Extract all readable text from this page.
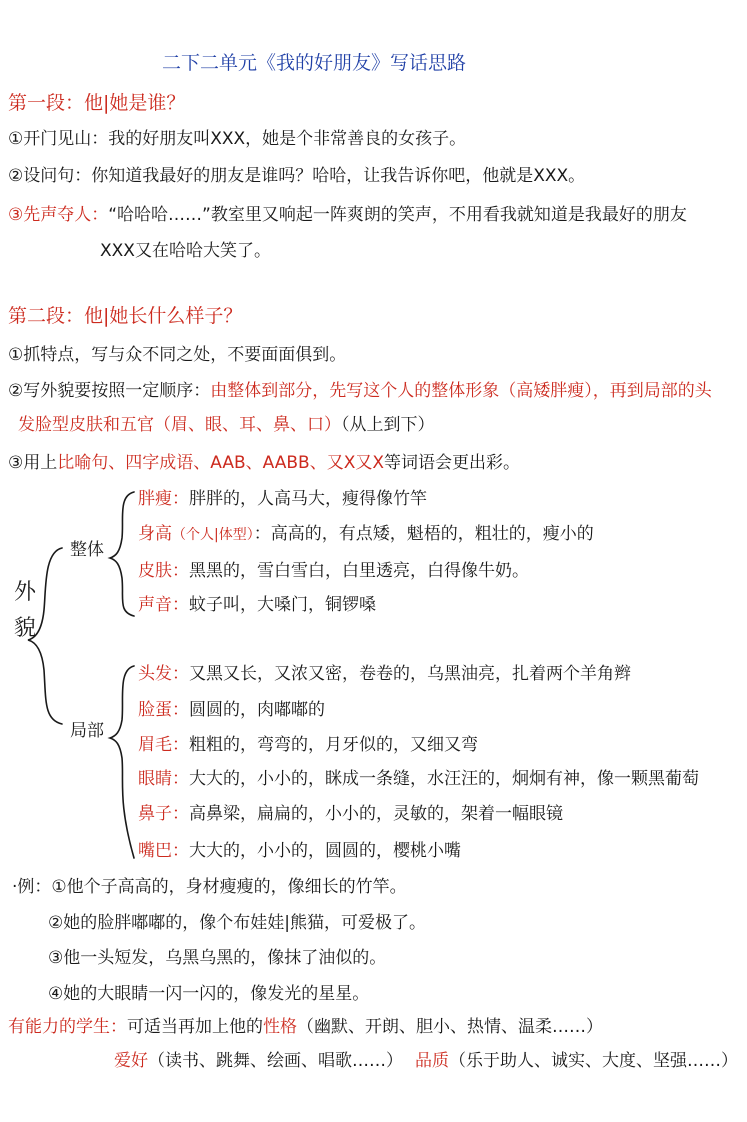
二下二单元《我的好朋友》写话思路
第一段：他|她是谁？
①开门见山：我的好朋友叫XXX，她是个非常善良的女孩子。
②设问句：你知道我最好的朋友是谁吗？哈哈，让我告诉你吧，他就是XXX。
③先声夺人：“哈哈哈……”教室里又响起一阵爽朗的笑声，不用看我就知道是我最好的朋友
XXX又在哈哈大笑了。
第二段：他|她长什么样子？
①抓特点，写与众不同之处，不要面面俱到。
②写外貌要按照一定顺序：由整体到部分，先写这个人的整体形象（高矮胖瘦），再到局部的头
发脸型皮肤和五官（眉、眼、耳、鼻、口）（从上到下）
③用上比喻句、四字成语、AAB、AABB、又X又X等词语会更出彩。
外
貌
整体
局部
胖瘦：胖胖的，人高马大，瘦得像竹竿
身高（个人|体型）：高高的，有点矮，魁梧的，粗壮的，瘦小的
皮肤：黑黑的，雪白雪白，白里透亮，白得像牛奶。
声音：蚊子叫，大嗓门，铜锣嗓
头发：又黑又长，又浓又密，卷卷的，乌黑油亮，扎着两个羊角辫
脸蛋：圆圆的，肉嘟嘟的
眉毛：粗粗的，弯弯的，月牙似的，又细又弯
眼睛：大大的，小小的，眯成一条缝，水汪汪的，炯炯有神，像一颗黑葡萄
鼻子：高鼻梁，扁扁的，小小的，灵敏的，架着一幅眼镜
嘴巴：大大的，小小的，圆圆的，樱桃小嘴
·例：①他个子高高的，身材瘦瘦的，像细长的竹竿。
②她的脸胖嘟嘟的，像个布娃娃|熊猫，可爱极了。
③他一头短发，乌黑乌黑的，像抹了油似的。
④她的大眼睛一闪一闪的，像发光的星星。
有能力的学生：可适当再加上他的性格（幽默、开朗、胆小、热情、温柔……）
爱好（读书、跳舞、绘画、唱歌……） 品质（乐于助人、诚实、大度、坚强……）
